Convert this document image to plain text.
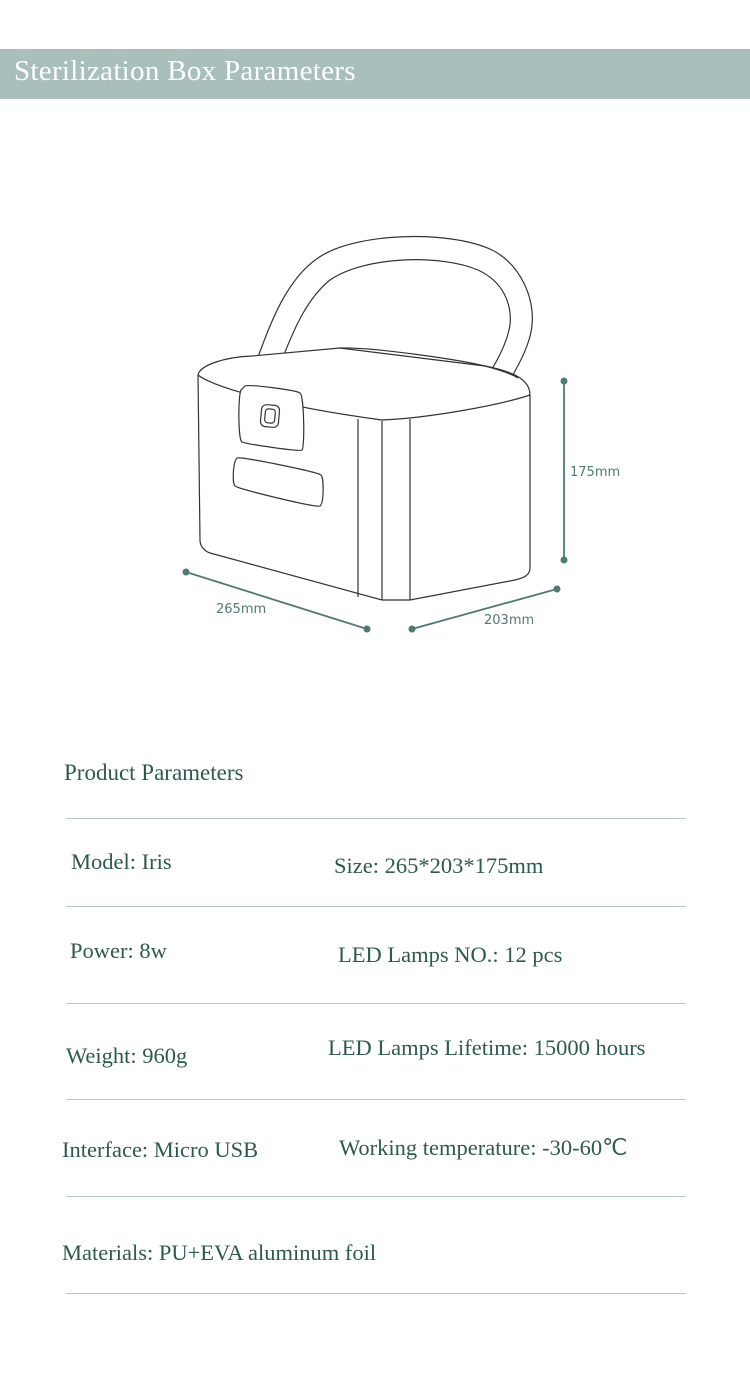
Sterilization Box Parameters
175mm
265mm
203mm
Product Parameters
Model: Iris	Size: 265*203*175mm
Power: 8w	LED Lamps NO.: 12 pcs
Weight: 960g	LED Lamps Lifetime: 15000 hours
Interface: Micro USB	Working temperature: -30-60℃
Materials: PU+EVA aluminum foil
